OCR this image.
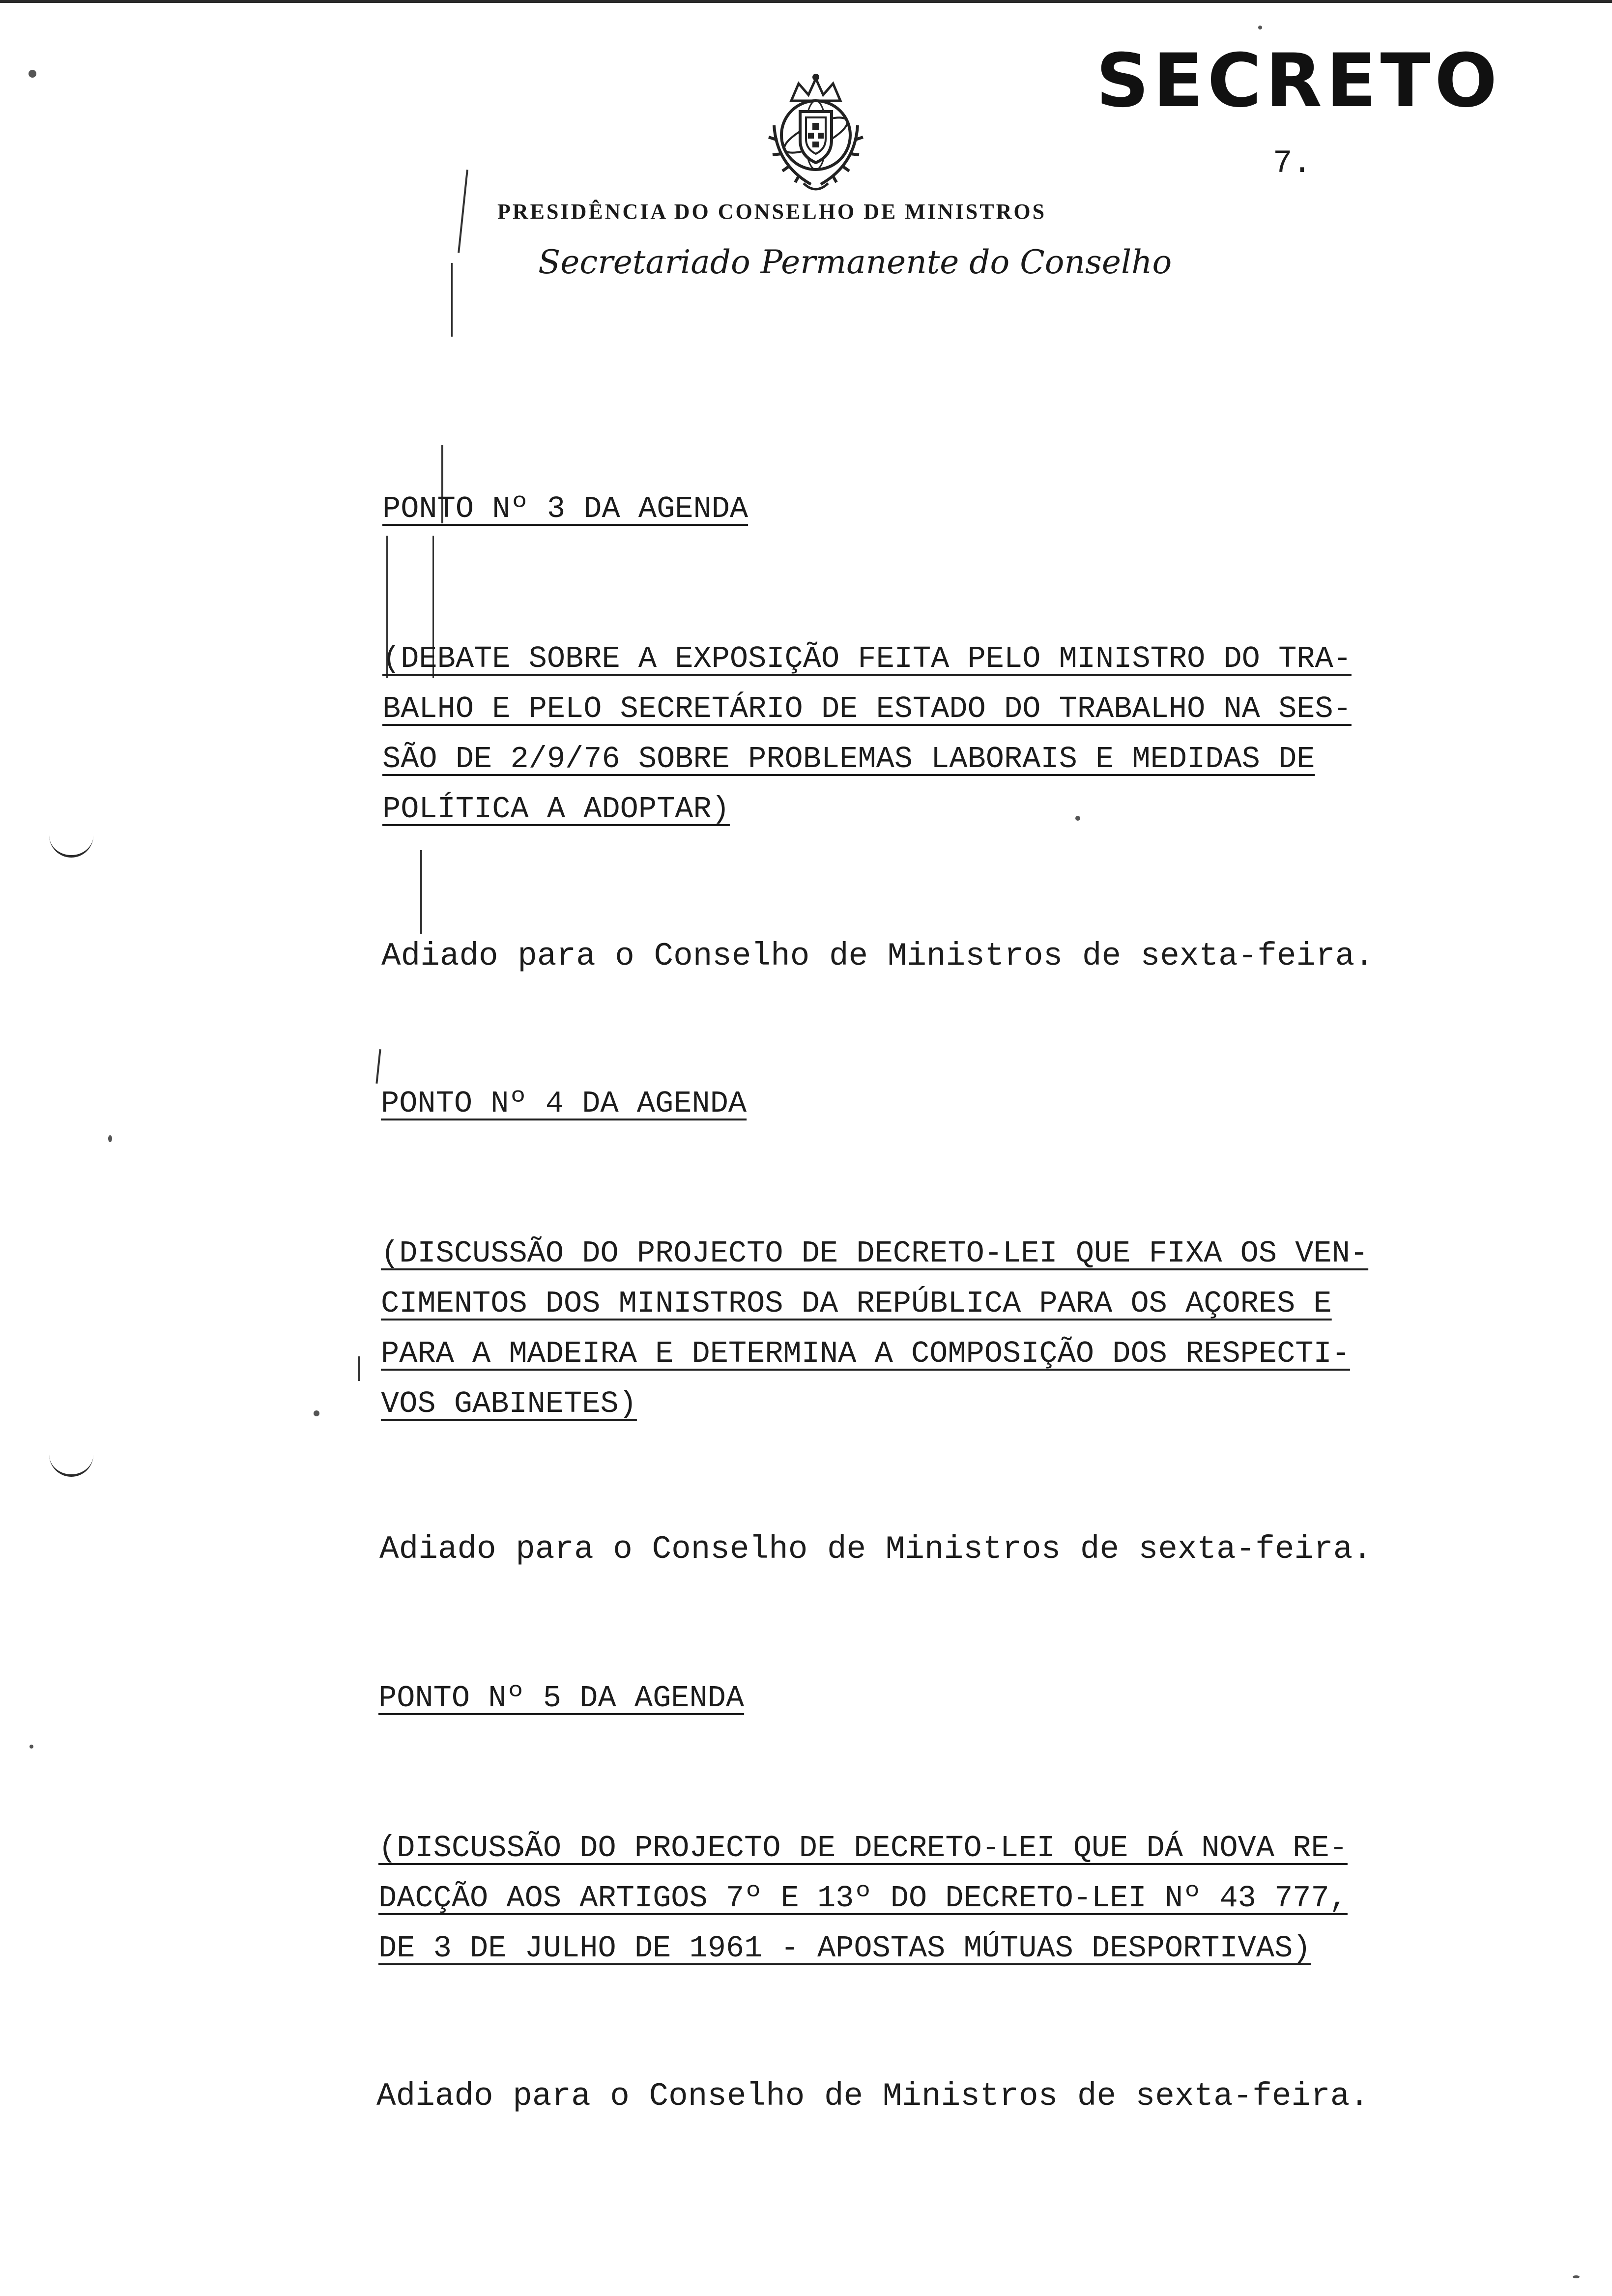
SECRETO
7.
PRESIDÊNCIA DO CONSELHO DE MINISTROS
Secretariado Permanente do Conselho
PONTO Nº 3 DA AGENDA
(DEBATE SOBRE A EXPOSIÇÃO FEITA PELO MINISTRO DO TRA-
BALHO E PELO SECRETÁRIO DE ESTADO DO TRABALHO NA SES-
SÃO DE 2/9/76 SOBRE PROBLEMAS LABORAIS E MEDIDAS DE
POLÍTICA A ADOPTAR)
Adiado para o Conselho de Ministros de sexta-feira.
PONTO Nº 4 DA AGENDA
(DISCUSSÃO DO PROJECTO DE DECRETO-LEI QUE FIXA OS VEN-
CIMENTOS DOS MINISTROS DA REPÚBLICA PARA OS AÇORES E
PARA A MADEIRA E DETERMINA A COMPOSIÇÃO DOS RESPECTI-
VOS GABINETES)
Adiado para o Conselho de Ministros de sexta-feira.
PONTO Nº 5 DA AGENDA
(DISCUSSÃO DO PROJECTO DE DECRETO-LEI QUE DÁ NOVA RE-
DACÇÃO AOS ARTIGOS 7º E 13º DO DECRETO-LEI Nº 43 777,
DE 3 DE JULHO DE 1961 - APOSTAS MÚTUAS DESPORTIVAS)
Adiado para o Conselho de Ministros de sexta-feira.
